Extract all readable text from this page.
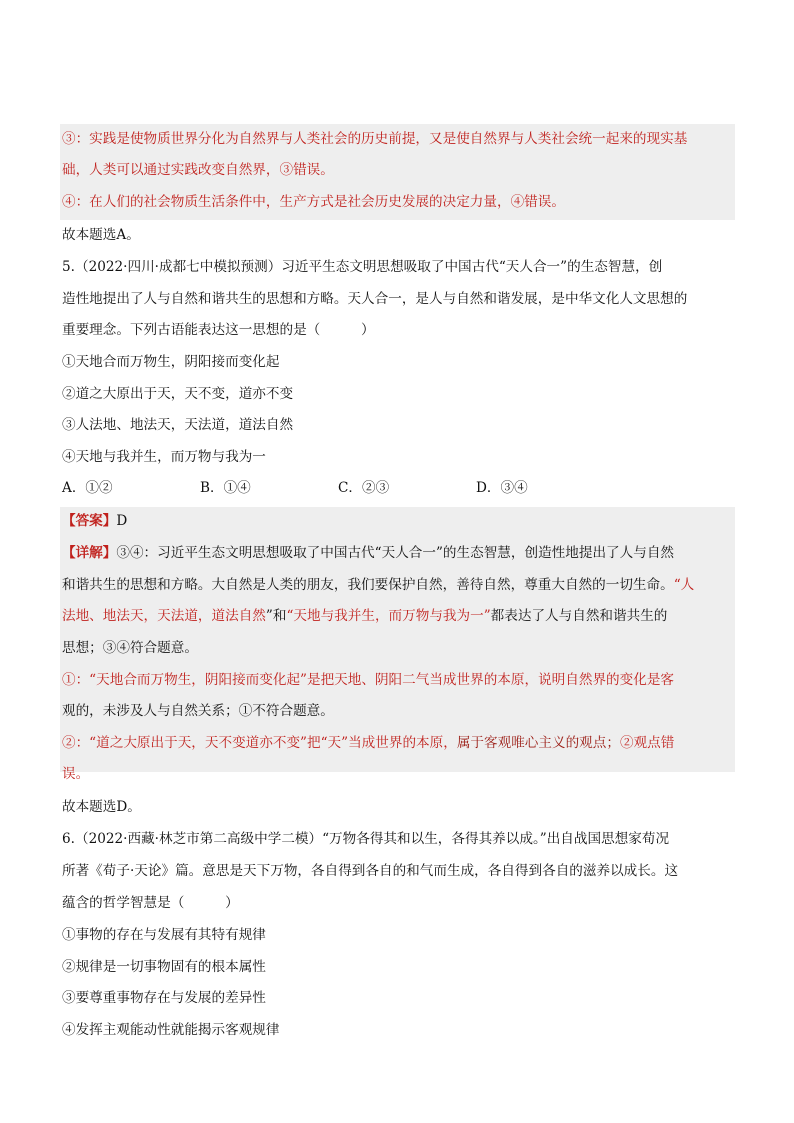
③：实践是使物质世界分化为自然界与人类社会的历史前提，又是使自然界与人类社会统一起来的现实基
础，人类可以通过实践改变自然界，③错误。
④：在人们的社会物质生活条件中，生产方式是社会历史发展的决定力量，④错误。
故本题选A。
5.（2022·四川·成都七中模拟预测）习近平生态文明思想吸取了中国古代“天人合一”的生态智慧，创
造性地提出了人与自然和谐共生的思想和方略。天人合一，是人与自然和谐发展，是中华文化人文思想的
重要理念。下列古语能表达这一思想的是（　　　）
①天地合而万物生，阴阳接而变化起
②道之大原出于天，天不变，道亦不变
③人法地、地法天，天法道，道法自然
④天地与我并生，而万物与我为一
A．①②	B．①④	C．②③	D．③④
【答案】D
【详解】③④：习近平生态文明思想吸取了中国古代“天人合一”的生态智慧，创造性地提出了人与自然
和谐共生的思想和方略。大自然是人类的朋友，我们要保护自然，善待自然，尊重大自然的一切生命。“人
法地、地法天，天法道，道法自然”和“天地与我并生，而万物与我为一”都表达了人与自然和谐共生的
思想；③④符合题意。
①：“天地合而万物生，阴阳接而变化起”是把天地、阴阳二气当成世界的本原，说明自然界的变化是客
观的，未涉及人与自然关系；①不符合题意。
②：“道之大原出于天，天不变道亦不变”把“天”当成世界的本原，属于客观唯心主义的观点；②观点错
误。
故本题选D。
6.（2022·西藏·林芝市第二高级中学二模）“万物各得其和以生，各得其养以成。”出自战国思想家荀况
所著《荀子·天论》篇。意思是天下万物，各自得到各自的和气而生成，各自得到各自的滋养以成长。这
蕴含的哲学智慧是（　　　）
①事物的存在与发展有其特有规律
②规律是一切事物固有的根本属性
③要尊重事物存在与发展的差异性
④发挥主观能动性就能揭示客观规律
